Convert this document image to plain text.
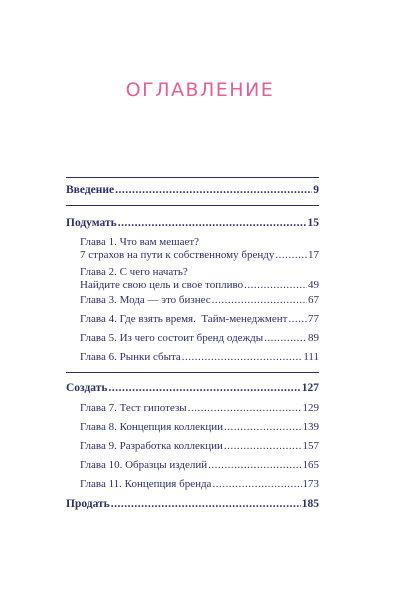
ОГЛАВЛЕНИЕ
Введение .....	9
Подумать .....	15
Глава 1. Что вам мешает?
7 страхов на пути к собственному бренду .....	17
Глава 2. С чего начать?
Найдите свою цель и свое топливо .....	49
Глава 3. Мода — это бизнес .....	67
Глава 4. Где взять время.  Тайм-менеджмент ..... 77
Глава 5. Из чего состоит бренд одежды .....	89
Глава 6. Рынки сбыта .....	111
Создать .....	127
Глава 7. Тест гипотезы .....	129
Глава 8. Концепция коллекции .....	139
Глава 9. Разработка коллекции .....	157
Глава 10. Образцы изделий .....	165
Глава 11. Концепция бренда .....	173
Продать .....	185
